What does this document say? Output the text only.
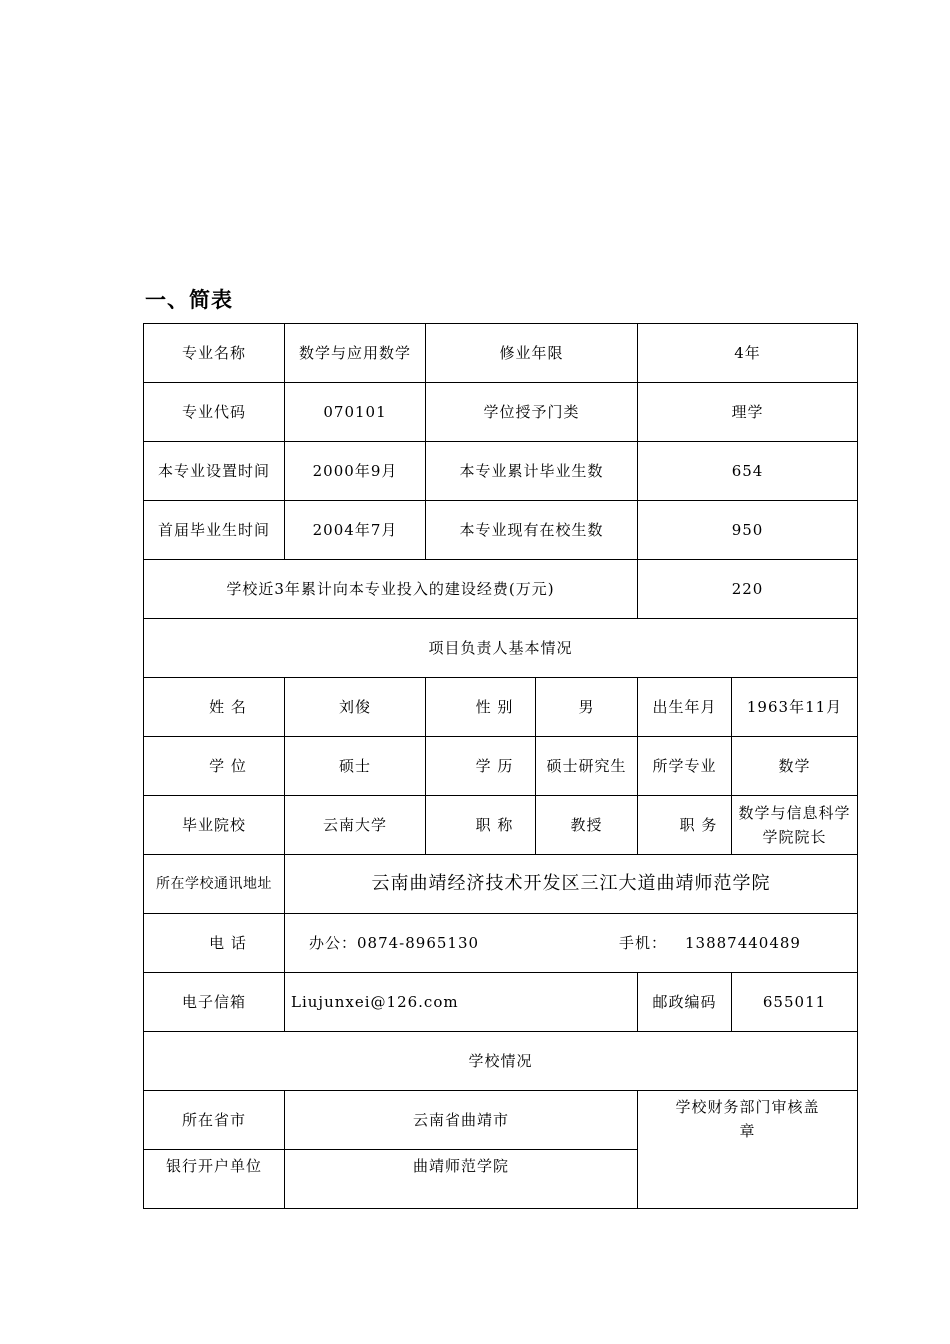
一、简表
专业名称	数学与应用数学	修业年限		4年	
专业代码	070101	学位授予门类		理学	
本专业设置时间	2000年9月	本专业累计毕业生数		654	
首届毕业生时间	2004年7月	本专业现有在校生数		950	
学校近3年累计向本专业投入的建设经费(万元)				220	
项目负责人基本情况					
姓 名	刘俊	性 别	男	出生年月	1963年11月
学 位	硕士	学 历	硕士研究生	所学专业	数学
毕业院校	云南大学	职 称	教授	职 务	数学与信息科学学院院长
所在学校通讯地址	云南曲靖经济技术开发区三江大道曲靖师范学院				
电 话	办公：0874-8965130 手机： 13887440489				

电子信箱	Liujunxei@126.com			邮政编码	655011
学校情况					
所在省市	云南省曲靖市			学校财务部门审核盖章	
银行开户单位	曲靖师范学院				
